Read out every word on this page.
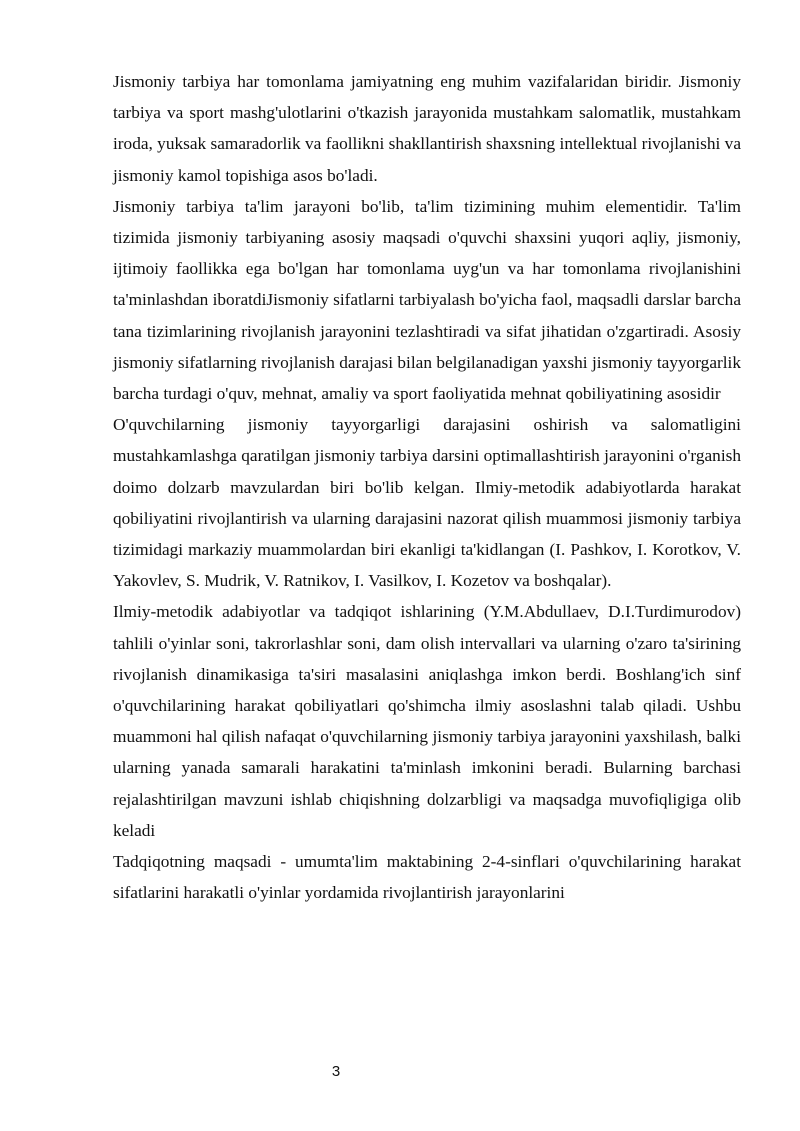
Jismoniy tarbiya har tomonlama jamiyatning eng muhim vazifalaridan biridir. Jismoniy tarbiya va sport mashg'ulotlarini o'tkazish jarayonida mustahkam salomatlik, mustahkam iroda, yuksak samaradorlik va faollikni shakllantirish shaxsning intellektual rivojlanishi va jismoniy kamol topishiga asos bo'ladi.

Jismoniy tarbiya ta'lim jarayoni bo'lib, ta'lim tizimining muhim elementidir. Ta'lim tizimida jismoniy tarbiyaning asosiy maqsadi o'quvchi shaxsini yuqori aqliy, jismoniy, ijtimoiy faollikka ega bo'lgan har tomonlama uyg'un va har tomonlama rivojlanishini ta'minlashdan iboratdiJismoniy sifatlarni tarbiyalash bo'yicha faol, maqsadli darslar barcha tana tizimlarining rivojlanish jarayonini tezlashtiradi va sifat jihatidan o'zgartiradi. Asosiy jismoniy sifatlarning rivojlanish darajasi bilan belgilanadigan yaxshi jismoniy tayyorgarlik barcha turdagi o'quv, mehnat, amaliy va sport faoliyatida mehnat qobiliyatining asosidir

O'quvchilarning jismoniy tayyorgarligi darajasini oshirish va salomatligini mustahkamlashga qaratilgan jismoniy tarbiya darsini optimallashtirish jarayonini o'rganish doimo dolzarb mavzulardan biri bo'lib kelgan. Ilmiy-metodik adabiyotlarda harakat qobiliyatini rivojlantirish va ularning darajasini nazorat qilish muammosi jismoniy tarbiya tizimidagi markaziy muammolardan biri ekanligi ta'kidlangan (I. Pashkov, I. Korotkov, V. Yakovlev, S. Mudrik, V. Ratnikov, I. Vasilkov, I. Kozetov va boshqalar).

Ilmiy-metodik adabiyotlar va tadqiqot ishlarining (Y.M.Abdullaev, D.I.Turdimurodov) tahlili o'yinlar soni, takrorlashlar soni, dam olish intervallari va ularning o'zaro ta'sirining rivojlanish dinamikasiga ta'siri masalasini aniqlashga imkon berdi. Boshlang'ich sinf o'quvchilarining harakat qobiliyatlari qo'shimcha ilmiy asoslashni talab qiladi. Ushbu muammoni hal qilish nafaqat o'quvchilarning jismoniy tarbiya jarayonini yaxshilash, balki ularning yanada samarali harakatini ta'minlash imkonini beradi. Bularning barchasi rejalashtirilgan mavzuni ishlab chiqishning dolzarbligi va maqsadga muvofiqligiga olib keladi

Tadqiqotning maqsadi - umumta'lim maktabining 2-4-sinflari o'quvchilarining harakat sifatlarini harakatli o'yinlar yordamida rivojlantirish jarayonlarini

3
